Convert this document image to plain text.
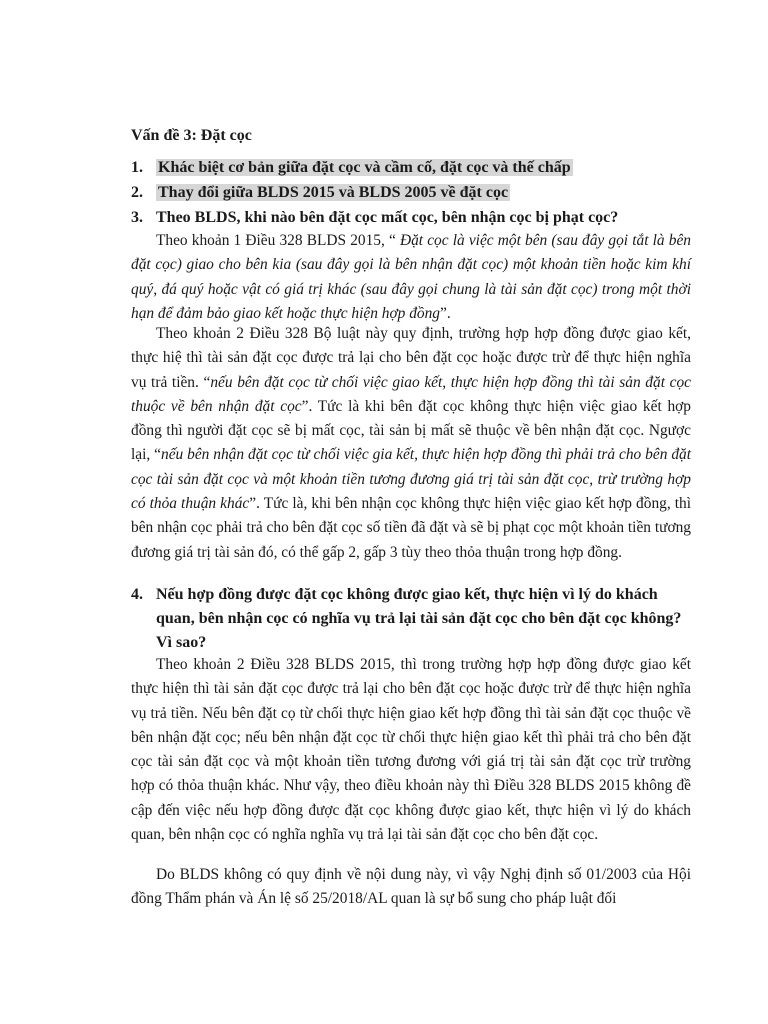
Vấn đề 3: Đặt cọc
1. Khác biệt cơ bản giữa đặt cọc và cầm cố, đặt cọc và thế chấp
2. Thay đổi giữa BLDS 2015 và BLDS 2005 về đặt cọc
3. Theo BLDS, khi nào bên đặt cọc mất cọc, bên nhận cọc bị phạt cọc?

Theo khoản 1 Điều 328 BLDS 2015, “ Đặt cọc là việc một bên (sau đây gọi tắt là bên đặt cọc) giao cho bên kia (sau đây gọi là bên nhận đặt cọc) một khoản tiền hoặc kim khí quý, đá quý hoặc vật có giá trị khác (sau đây gọi chung là tài sản đặt cọc) trong một thời hạn để đảm bảo giao kết hoặc thực hiện hợp đồng”.

Theo khoản 2 Điều 328 Bộ luật này quy định, trường hợp hợp đồng được giao kết, thực hiệ thì tài sản đặt cọc được trả lại cho bên đặt cọc hoặc được trừ để thực hiện nghĩa vụ trả tiền. “nếu bên đặt cọc từ chối việc giao kết, thực hiện hợp đồng thì tài sản đặt cọc thuộc về bên nhận đặt cọc”. Tức là khi bên đặt cọc không thực hiện việc giao kết hợp đồng thì người đặt cọc sẽ bị mất cọc, tài sản bị mất sẽ thuộc về bên nhận đặt cọc. Ngược lại, “nếu bên nhận đặt cọc từ chối việc gia kết, thực hiện hợp đồng thì phải trả cho bên đặt cọc tài sản đặt cọc và một khoản tiền tương đương giá trị tài sản đặt cọc, trừ trường hợp có thỏa thuận khác”. Tức là, khi bên nhận cọc không thực hiện việc giao kết hợp đồng, thì bên nhận cọc phải trả cho bên đặt cọc số tiền đã đặt và sẽ bị phạt cọc một khoản tiền tương đương giá trị tài sản đó, có thể gấp 2, gấp 3 tùy theo thỏa thuận trong hợp đồng.

4. Nếu hợp đồng được đặt cọc không được giao kết, thực hiện vì lý do khách quan, bên nhận cọc có nghĩa vụ trả lại tài sản đặt cọc cho bên đặt cọc không? Vì sao?

Theo khoản 2 Điều 328 BLDS 2015, thì trong trường hợp hợp đồng được giao kết thực hiện thì tài sản đặt cọc được trả lại cho bên đặt cọc hoặc được trừ để thực hiện nghĩa vụ trả tiền. Nếu bên đặt cọ từ chối thực hiện giao kết hợp đồng thì tài sản đặt cọc thuộc về bên nhận đặt cọc; nếu bên nhận đặt cọc từ chối thực hiện giao kết thì phải trả cho bên đặt cọc tài sản đặt cọc và một khoản tiền tương đương với giá trị tài sản đặt cọc trừ trường hợp có thỏa thuận khác. Như vậy, theo điều khoản này thì Điều 328 BLDS 2015 không đề cập đến việc nếu hợp đồng được đặt cọc không được giao kết, thực hiện vì lý do khách quan, bên nhận cọc có nghĩa nghĩa vụ trả lại tài sản đặt cọc cho bên đặt cọc.

Do BLDS không có quy định về nội dung này, vì vậy Nghị định số 01/2003 của Hội đồng Thẩm phán và Án lệ số 25/2018/AL quan là sự bổ sung cho pháp luật đối
